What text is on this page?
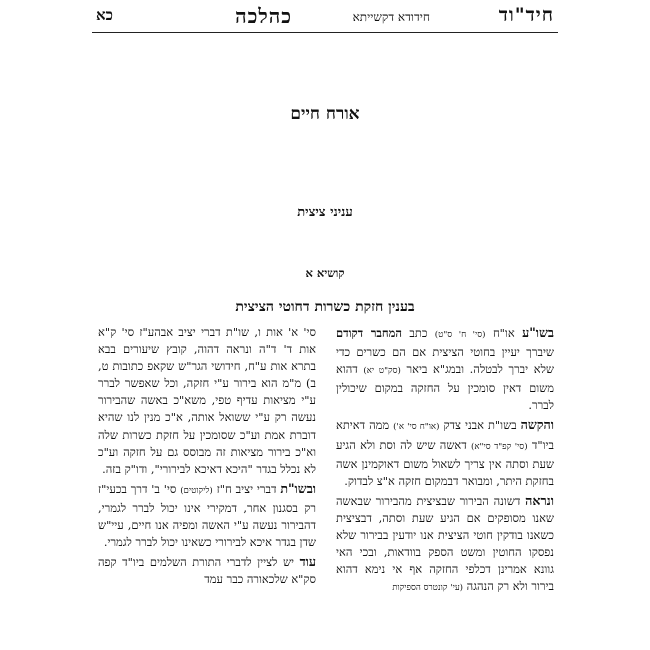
חיד"וד
חידודא דקשייתא
כהלכה
כא
אורח חיים
עניני ציצית
קושיא א
בענין חזקת כשרות דחוטי הציצית

בשו"ע או"ח (סי' ח' ס"ט) כתב המחבר דקודם שיברך יעיין בחוטי הציצית אם הם כשרים כדי שלא יברך לבטלה. ובמג"א ביאר (סק"ט יא) דהוא משום דאין סומכין על החזקה במקום שיכולין לברר.

והקשה בשו"ת אבני צדק (או"ח סי' א') ממה דאיתא ביו"ד (סי' קפ"ד סי"א) דאשה שיש לה וסת ולא הגיע שעת וסתה אין צריך לשאול משום דאוקמינן אשה בחזקת היתר, ומבואר דבמקום חזקה א"צ לבדוק.

ונראה דשונה הבירור שבציצית מהבירור שבאשה שאנו מסופקים אם הגיע שעת וסתה, דבציצית כשאנו בודקין חוטי הציצית אנו יודעין בבירור שלא נפסקו החוטין ומשט הספק בוודאות, ובכי האי גוונא אמרינן דכלפי החזקה אף אי נימא דהוא בירור ולא רק הנהגה (עי' קונטרס הספיקות

סי' א' אות ו, שו"ת דברי יציב אבהע"ז סי' ק"א אות ד' ד"ה ונראה דהוה, קובץ שיעורים בבא בתרא אות ע"ח, חידושי הגר"ש שקאפ כתובות ט, ב) מ"מ הוא בירור ע"י חזקה, וכל שאפשר לברר ע"י מציאות עדיף טפי, משא"כ באשה שהבירור נעשה רק ע"י ששואל אותה, א"כ מנין לנו שהיא דוברת אמת וע"כ שסומכין על חזקת כשרות שלה וא"כ בירור מציאות זה מבוסס גם על חזקה וע"כ לא נכלל בגדר "היכא דאיכא לבירורי", ודו"ק בזה.

ובשו"ת דברי יציב ח"ז (ליקוטים) סי' ב' דרך בכעי"ז רק בסגנון אחר, דמקירי אינו יכול לברר לגמרי, דהבירור נעשה ע"י האשה ומפיה אנו חיים, עיי"ש שדן בגדר איכא לבירורי כשאינו יכול לברר לגמרי.

עוד יש לציין לדברי התורת השלמים ביו"ד קפה סק"א שלכאורה כבר עמד
